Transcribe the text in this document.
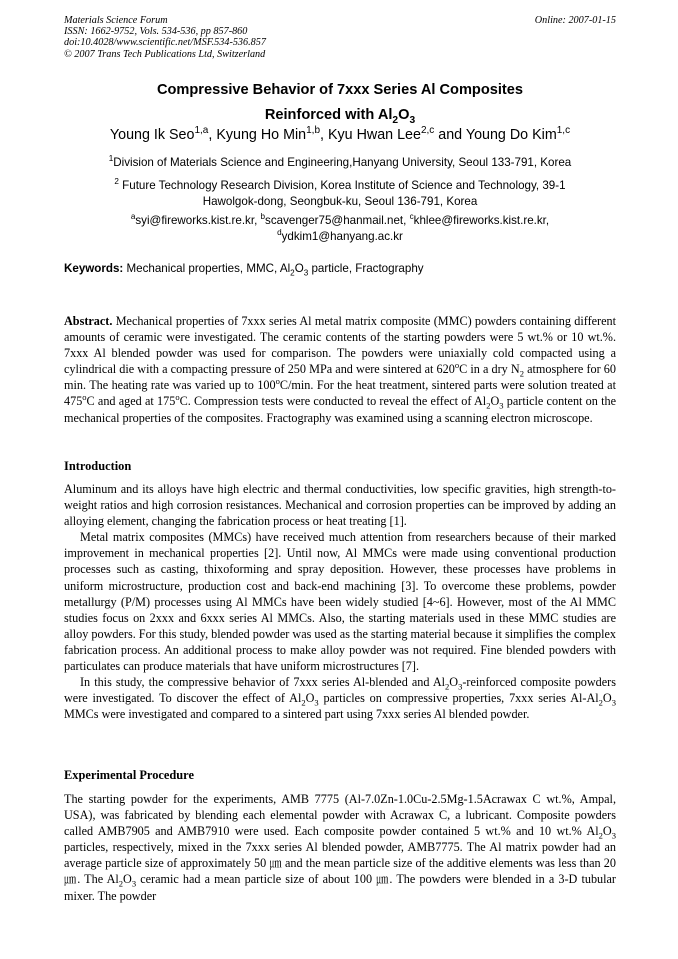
Materials Science Forum
ISSN: 1662-9752, Vols. 534-536, pp 857-860
doi:10.4028/www.scientific.net/MSF.534-536.857
© 2007 Trans Tech Publications Ltd, Switzerland
Online: 2007-01-15
Compressive Behavior of 7xxx Series Al Composites
Reinforced with $Al_2O_3$
Young Ik Seo$^{1,a}$, Kyung Ho Min$^{1,b}$, Kyu Hwan Lee$^{2,c}$ and Young Do Kim$^{1,c}$
$^1$Division of Materials Science and Engineering,Hanyang University, Seoul 133-791, Korea
$^2$ Future Technology Research Division, Korea Institute of Science and Technology, 39-1
Hawolgok-dong, Seongbuk-ku, Seoul 136-791, Korea
$^a$syi@fireworks.kist.re.kr, $^b$scavenger75@hanmail.net, $^c$khlee@fireworks.kist.re.kr,
$^d$ydkim1@hanyang.ac.kr
Keywords: Mechanical properties, MMC, $Al_2O_3$ particle, Fractography

Abstract. Mechanical properties of 7xxx series Al metal matrix composite (MMC) powders containing different amounts of ceramic were investigated. The ceramic contents of the starting powders were 5 wt.% or 10 wt.%. 7xxx Al blended powder was used for comparison. The powders were uniaxially cold compacted using a cylindrical die with a compacting pressure of 250 MPa and were sintered at 620$^o$C in a dry $N_2$ atmosphere for 60 min. The heating rate was varied up to 100$^o$C/min. For the heat treatment, sintered parts were solution treated at 475$^o$C and aged at 175$^o$C. Compression tests were conducted to reveal the effect of $Al_2O_3$ particle content on the mechanical properties of the composites. Fractography was examined using a scanning electron microscope.

Introduction

Aluminum and its alloys have high electric and thermal conductivities, low specific gravities, high strength-to-weight ratios and high corrosion resistances. Mechanical and corrosion properties can be improved by adding an alloying element, changing the fabrication process or heat treating [1].

Metal matrix composites (MMCs) have received much attention from researchers because of their marked improvement in mechanical properties [2]. Until now, Al MMCs were made using conventional production processes such as casting, thixoforming and spray deposition. However, these processes have problems in uniform microstructure, production cost and back-end machining [3]. To overcome these problems, powder metallurgy (P/M) processes using Al MMCs have been widely studied [4~6]. However, most of the Al MMC studies focus on 2xxx and 6xxx series Al MMCs. Also, the starting materials used in these MMC studies are alloy powders. For this study, blended powder was used as the starting material because it simplifies the complex fabrication process. An additional process to make alloy powder was not required. Fine blended powders with particulates can produce materials that have uniform microstructures [7].

In this study, the compressive behavior of 7xxx series Al-blended and $Al_2O_3$-reinforced composite powders were investigated. To discover the effect of $Al_2O_3$ particles on compressive properties, 7xxx series $Al-Al_2O_3$ MMCs were investigated and compared to a sintered part using 7xxx series Al blended powder.

Experimental Procedure

The starting powder for the experiments, AMB 7775 (Al-7.0Zn-1.0Cu-2.5Mg-1.5Acrawax C wt.%, Ampal, USA), was fabricated by blending each elemental powder with Acrawax C, a lubricant. Composite powders called AMB7905 and AMB7910 were used. Each composite powder contained 5 wt.% and 10 wt.% $Al_2O_3$ particles, respectively, mixed in the 7xxx series Al blended powder, AMB7775. The Al matrix powder had an average particle size of approximately 50 ㎛ and the mean particle size of the additive elements was less than 20 ㎛. The $Al_2O_3$ ceramic had a mean particle size of about 100 ㎛. The powders were blended in a 3-D tubular mixer. The powder
